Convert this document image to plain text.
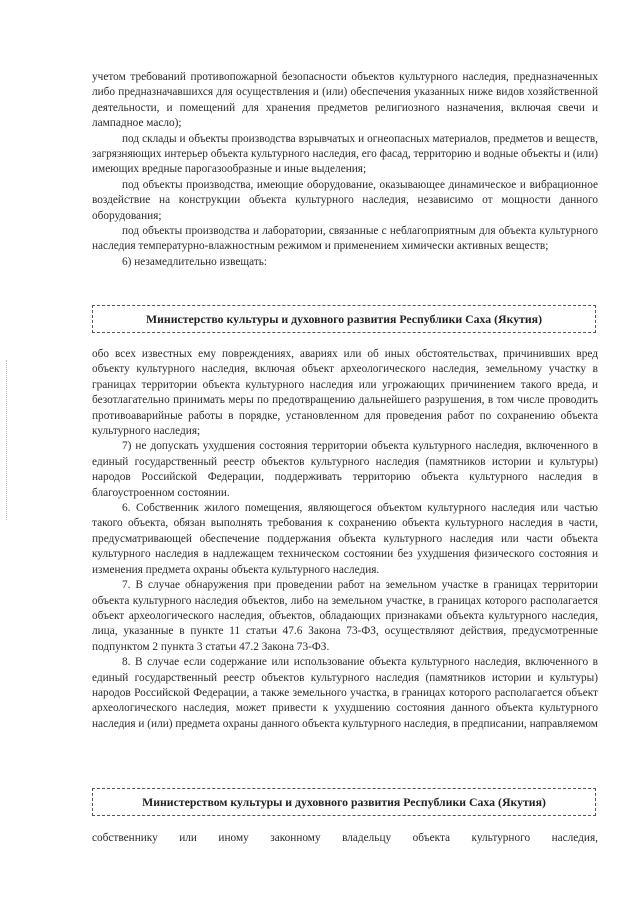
учетом требований противопожарной безопасности объектов культурного наследия, предназначенных либо предназначавшихся для осуществления и (или) обеспечения указанных ниже видов хозяйственной деятельности, и помещений для хранения предметов религиозного назначения, включая свечи и лампадное масло);

под склады и объекты производства взрывчатых и огнеопасных материалов, предметов и веществ, загрязняющих интерьер объекта культурного наследия, его фасад, территорию и водные объекты и (или) имеющих вредные парогазообразные и иные выделения;

под объекты производства, имеющие оборудование, оказывающее динамическое и вибрационное воздействие на конструкции объекта культурного наследия, независимо от мощности данного оборудования;

под объекты производства и лаборатории, связанные с неблагоприятным для объекта культурного наследия температурно-влажностным режимом и применением химически активных веществ;

6) незамедлительно извещать:

Министерство культуры и духовного развития Республики Саха (Якутия)

обо всех известных ему повреждениях, авариях или об иных обстоятельствах, причинивших вред объекту культурного наследия, включая объект археологического наследия, земельному участку в границах территории объекта культурного наследия или угрожающих причинением такого вреда, и безотлагательно принимать меры по предотвращению дальнейшего разрушения, в том числе проводить противоаварийные работы в порядке, установленном для проведения работ по сохранению объекта культурного наследия;

7) не допускать ухудшения состояния территории объекта культурного наследия, включенного в единый государственный реестр объектов культурного наследия (памятников истории и культуры) народов Российской Федерации, поддерживать территорию объекта культурного наследия в благоустроенном состоянии.

6. Собственник жилого помещения, являющегося объектом культурного наследия или частью такого объекта, обязан выполнять требования к сохранению объекта культурного наследия в части, предусматривающей обеспечение поддержания объекта культурного наследия или части объекта культурного наследия в надлежащем техническом состоянии без ухудшения физического состояния и изменения предмета охраны объекта культурного наследия.

7. В случае обнаружения при проведении работ на земельном участке в границах территории объекта культурного наследия объектов, либо на земельном участке, в границах которого располагается объект археологического наследия, объектов, обладающих признаками объекта культурного наследия, лица, указанные в пункте 11 статьи 47.6 Закона 73-ФЗ, осуществляют действия, предусмотренные подпунктом 2 пункта 3 статьи 47.2 Закона 73-ФЗ.

8. В случае если содержание или использование объекта культурного наследия, включенного в единый государственный реестр объектов культурного наследия (памятников истории и культуры) народов Российской Федерации, а также земельного участка, в границах которого располагается объект археологического наследия, может привести к ухудшению состояния данного объекта культурного наследия и (или) предмета охраны данного объекта культурного наследия, в предписании, направляемом

Министерством культуры и духовного развития Республики Саха (Якутия)

собственнику или иному законному владельцу объекта культурного наследия,
